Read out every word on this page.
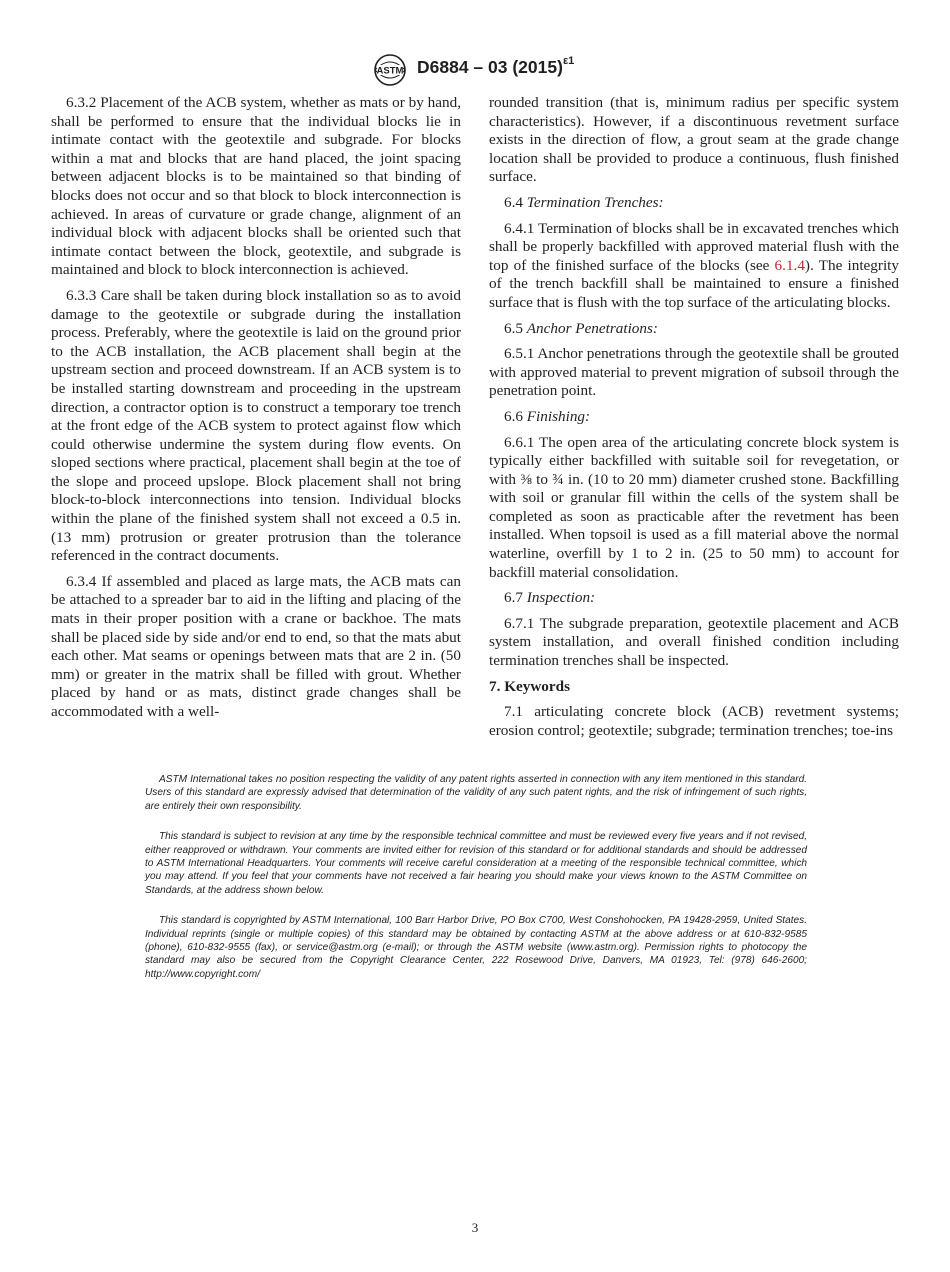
ASTM D6884 – 03 $(2015)^{\varepsilon 1}$

6.3.2 Placement of the ACB system, whether as mats or by hand, shall be performed to ensure that the individual blocks lie in intimate contact with the geotextile and subgrade. For blocks within a mat and blocks that are hand placed, the joint spacing between adjacent blocks is to be maintained so that binding of blocks does not occur and so that block to block interconnection is achieved. In areas of curvature or grade change, alignment of an individual block with adjacent blocks shall be oriented such that intimate contact between the block, geotextile, and subgrade is maintained and block to block interconnection is achieved.

6.3.3 Care shall be taken during block installation so as to avoid damage to the geotextile or subgrade during the installation process. Preferably, where the geotextile is laid on the ground prior to the ACB installation, the ACB placement shall begin at the upstream section and proceed downstream. If an ACB system is to be installed starting downstream and proceeding in the upstream direction, a contractor option is to construct a temporary toe trench at the front edge of the ACB system to protect against flow which could otherwise undermine the system during flow events. On sloped sections where practical, placement shall begin at the toe of the slope and proceed upslope. Block placement shall not bring block-to-block interconnections into tension. Individual blocks within the plane of the finished system shall not exceed a 0.5 in. (13 mm) protrusion or greater protrusion than the tolerance referenced in the contract documents.

6.3.4 If assembled and placed as large mats, the ACB mats can be attached to a spreader bar to aid in the lifting and placing of the mats in their proper position with a crane or backhoe. The mats shall be placed side by side and/or end to end, so that the mats abut each other. Mat seams or openings between mats that are 2 in. (50 mm) or greater in the matrix shall be filled with grout. Whether placed by hand or as mats, distinct grade changes shall be accommodated with a well-

rounded transition (that is, minimum radius per specific system characteristics). However, if a discontinuous revetment surface exists in the direction of flow, a grout seam at the grade change location shall be provided to produce a continuous, flush finished surface.

6.4 Termination Trenches:

6.4.1 Termination of blocks shall be in excavated trenches which shall be properly backfilled with approved material flush with the top of the finished surface of the blocks (see 6.1.4). The integrity of the trench backfill shall be maintained to ensure a finished surface that is flush with the top surface of the articulating blocks.

6.5 Anchor Penetrations:

6.5.1 Anchor penetrations through the geotextile shall be grouted with approved material to prevent migration of subsoil through the penetration point.

6.6 Finishing:

6.6.1 The open area of the articulating concrete block system is typically either backfilled with suitable soil for revegetation, or with ⅜ to ¾ in. (10 to 20 mm) diameter crushed stone. Backfilling with soil or granular fill within the cells of the system shall be completed as soon as practicable after the revetment has been installed. When topsoil is used as a fill material above the normal waterline, overfill by 1 to 2 in. (25 to 50 mm) to account for backfill material consolidation.

6.7 Inspection:

6.7.1 The subgrade preparation, geotextile placement and ACB system installation, and overall finished condition including termination trenches shall be inspected.

7. Keywords

7.1 articulating concrete block (ACB) revetment systems; erosion control; geotextile; subgrade; termination trenches; toe-ins

ASTM International takes no position respecting the validity of any patent rights asserted in connection with any item mentioned in this standard. Users of this standard are expressly advised that determination of the validity of any such patent rights, and the risk of infringement of such rights, are entirely their own responsibility.

This standard is subject to revision at any time by the responsible technical committee and must be reviewed every five years and if not revised, either reapproved or withdrawn. Your comments are invited either for revision of this standard or for additional standards and should be addressed to ASTM International Headquarters. Your comments will receive careful consideration at a meeting of the responsible technical committee, which you may attend. If you feel that your comments have not received a fair hearing you should make your views known to the ASTM Committee on Standards, at the address shown below.

This standard is copyrighted by ASTM International, 100 Barr Harbor Drive, PO Box C700, West Conshohocken, PA 19428-2959, United States. Individual reprints (single or multiple copies) of this standard may be obtained by contacting ASTM at the above address or at 610-832-9585 (phone), 610-832-9555 (fax), or service@astm.org (e-mail); or through the ASTM website (www.astm.org). Permission rights to photocopy the standard may also be secured from the Copyright Clearance Center, 222 Rosewood Drive, Danvers, MA 01923, Tel: (978) 646-2600; http://www.copyright.com/

3
